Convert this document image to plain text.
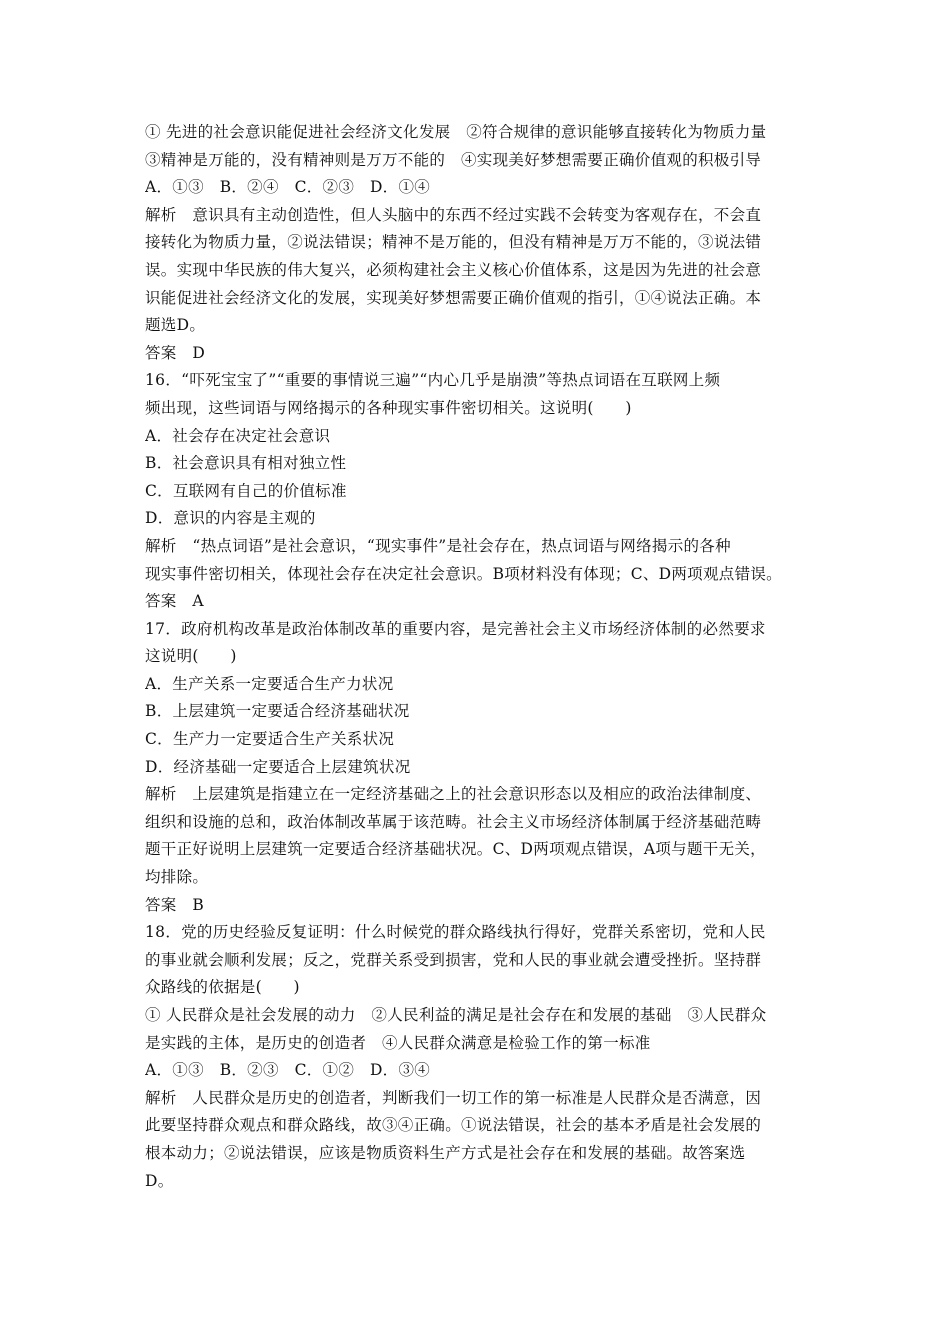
① 先进的社会意识能促进社会经济文化发展　②符合规律的意识能够直接转化为物质力量
③精神是万能的，没有精神则是万万不能的　④实现美好梦想需要正确价值观的积极引导
A．①③　B．②④　C．②③　D．①④
解析　意识具有主动创造性，但人头脑中的东西不经过实践不会转变为客观存在，不会直
接转化为物质力量，②说法错误；精神不是万能的，但没有精神是万万不能的，③说法错
误。实现中华民族的伟大复兴，必须构建社会主义核心价值体系，这是因为先进的社会意
识能促进社会经济文化的发展，实现美好梦想需要正确价值观的指引，①④说法正确。本
题选D。
答案　D
16．“吓死宝宝了”“重要的事情说三遍”“内心几乎是崩溃”等热点词语在互联网上频
频出现，这些词语与网络揭示的各种现实事件密切相关。这说明(　　)
A．社会存在决定社会意识
B．社会意识具有相对独立性
C．互联网有自己的价值标准
D．意识的内容是主观的
解析　“热点词语”是社会意识，“现实事件”是社会存在，热点词语与网络揭示的各种
现实事件密切相关，体现社会存在决定社会意识。B项材料没有体现；C、D两项观点错误。
答案　A
17．政府机构改革是政治体制改革的重要内容，是完善社会主义市场经济体制的必然要求
这说明(　　)
A．生产关系一定要适合生产力状况
B．上层建筑一定要适合经济基础状况
C．生产力一定要适合生产关系状况
D．经济基础一定要适合上层建筑状况
解析　上层建筑是指建立在一定经济基础之上的社会意识形态以及相应的政治法律制度、
组织和设施的总和，政治体制改革属于该范畴。社会主义市场经济体制属于经济基础范畴
题干正好说明上层建筑一定要适合经济基础状况。C、D两项观点错误，A项与题干无关，
均排除。
答案　B
18．党的历史经验反复证明：什么时候党的群众路线执行得好，党群关系密切，党和人民
的事业就会顺利发展；反之，党群关系受到损害，党和人民的事业就会遭受挫折。坚持群
众路线的依据是(　　)
① 人民群众是社会发展的动力　②人民利益的满足是社会存在和发展的基础　③人民群众
是实践的主体，是历史的创造者　④人民群众满意是检验工作的第一标准
A．①③　B．②③　C．①②　D．③④
解析　人民群众是历史的创造者，判断我们一切工作的第一标准是人民群众是否满意，因
此要坚持群众观点和群众路线，故③④正确。①说法错误，社会的基本矛盾是社会发展的
根本动力；②说法错误，应该是物质资料生产方式是社会存在和发展的基础。故答案选
D。
